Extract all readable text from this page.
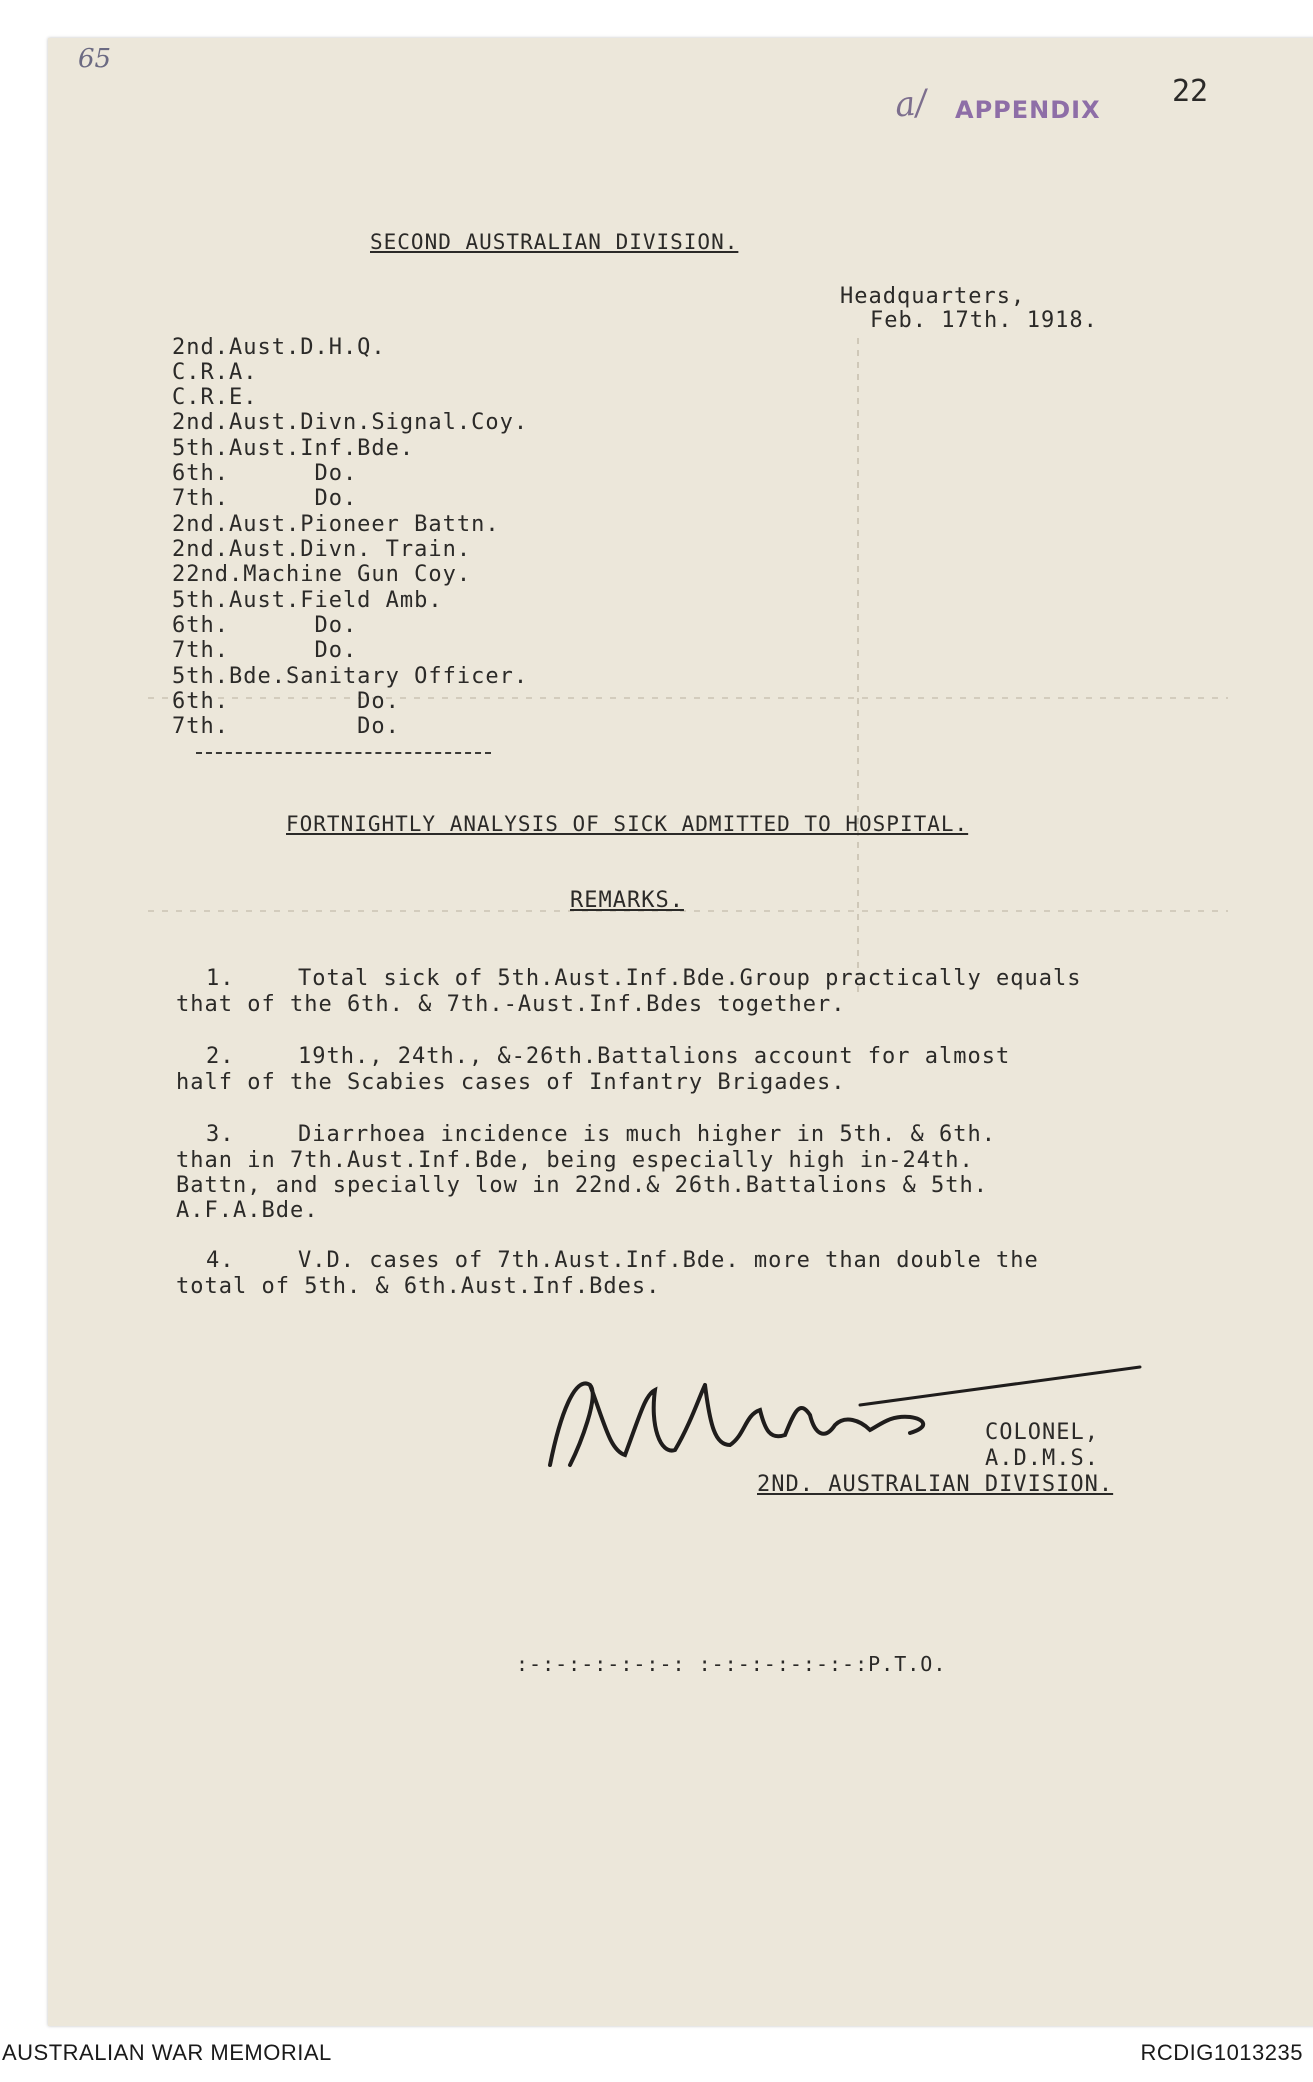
65
a/ APPENDIX
22
SECOND AUSTRALIAN DIVISION.
Headquarters,
Feb. 17th. 1918.
2nd.Aust.D.H.Q.
C.R.A.
C.R.E.
2nd.Aust.Divn.Signal.Coy.
5th.Aust.Inf.Bde.
6th.      Do.
7th.      Do.
2nd.Aust.Pioneer Battn.
2nd.Aust.Divn. Train.
22nd.Machine Gun Coy.
5th.Aust.Field Amb.
6th.      Do.
7th.      Do.
5th.Bde.Sanitary Officer.
6th.         Do.
7th.         Do.
FORTNIGHTLY ANALYSIS OF SICK ADMITTED TO HOSPITAL.
REMARKS.
1.	Total sick of 5th.Aust.Inf.Bde.Group practically equals
that of the 6th. & 7th.-Aust.Inf.Bdes together.
2.	19th., 24th., &-26th.Battalions account for almost
half of the Scabies cases of Infantry Brigades.
3.	Diarrhoea incidence is much higher in 5th. & 6th.
than in 7th.Aust.Inf.Bde, being especially high in-24th.
Battn, and specially low in 22nd.& 26th.Battalions & 5th.
A.F.A.Bde.
4.	V.D. cases of 7th.Aust.Inf.Bde. more than double the
total of 5th. & 6th.Aust.Inf.Bdes.
COLONEL,
A.D.M.S.
2ND. AUSTRALIAN DIVISION.
:-:-:-:-:-:-: :-:-:-:-:-:-:P.T.O.
AUSTRALIAN WAR MEMORIAL	RCDIG1013235
